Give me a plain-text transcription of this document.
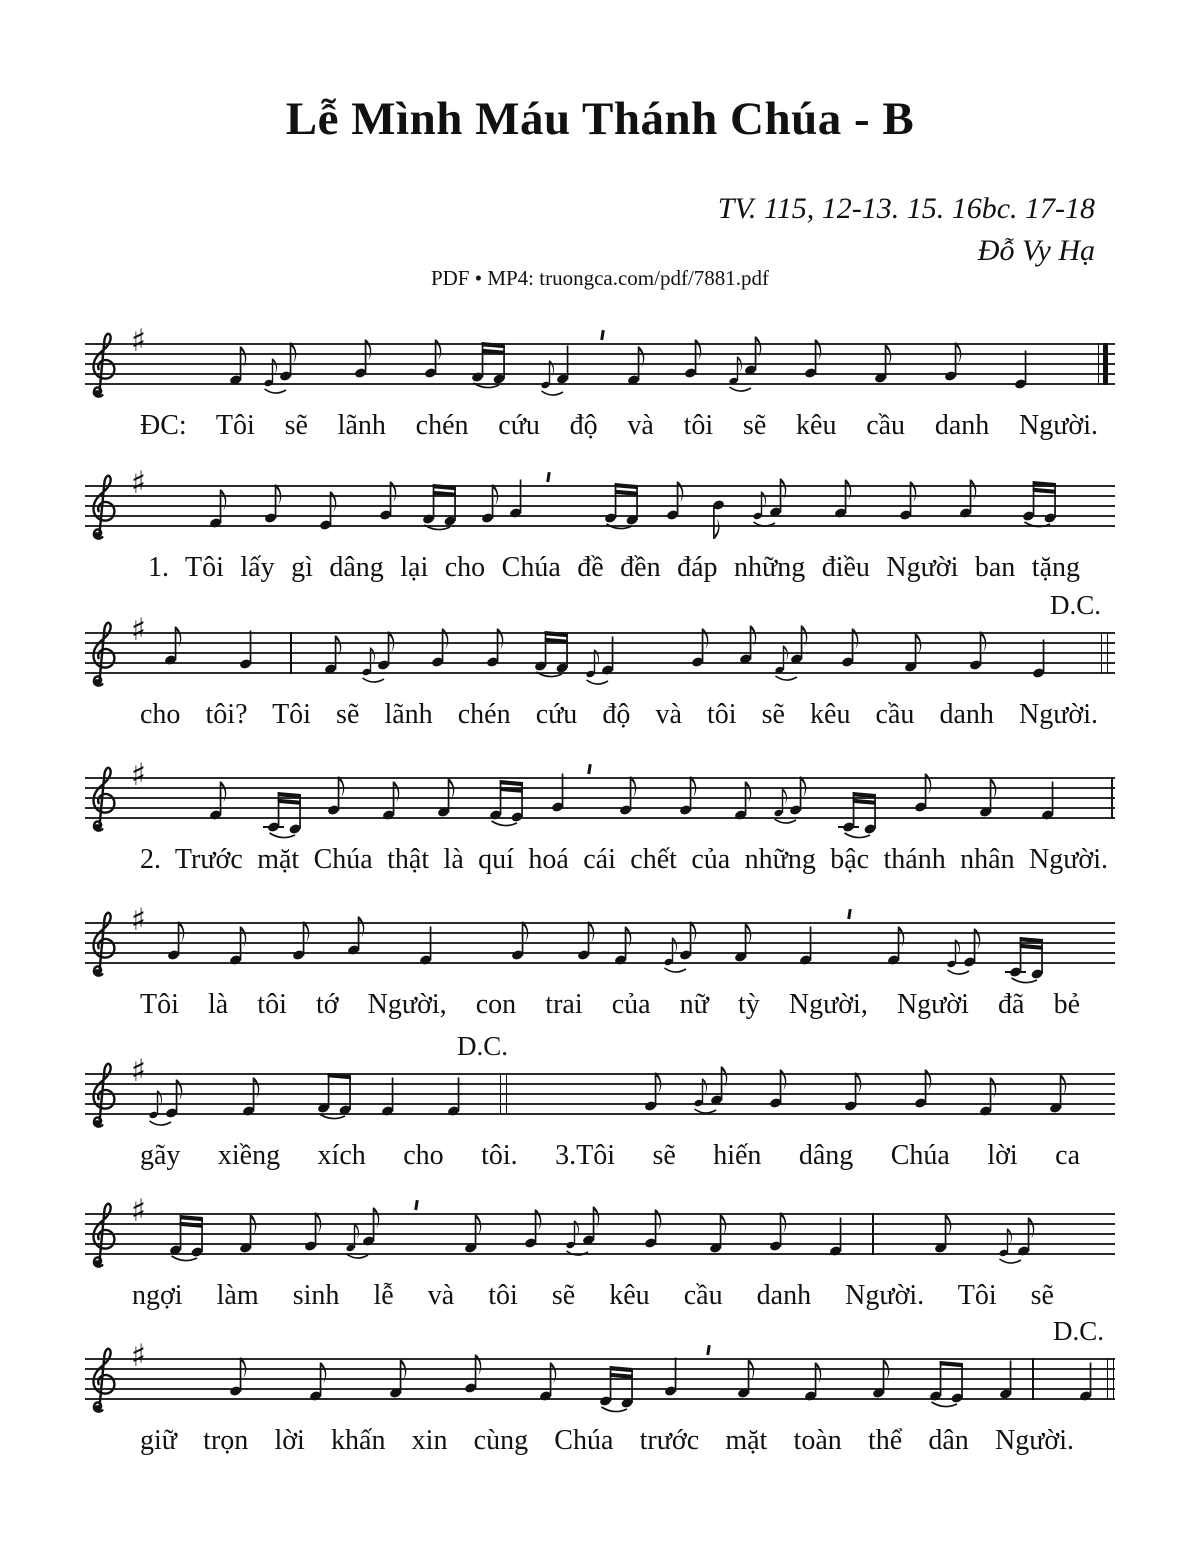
Lễ Mình Máu Thánh Chúa - B
TV. 115, 12-13. 15. 16bc. 17-18
Đỗ Vy Hạ
PDF • MP4: truongca.com/pdf/7881.pdf
♯
ĐC: Tôi sẽ lãnh chén cứu độ và tôi sẽ kêu cầu danh Người.
♯
1. Tôi lấy gì dâng lại cho Chúa đề đền đáp những điều Người ban tặng
♯
D.C.
cho tôi? Tôi sẽ lãnh chén cứu độ và tôi sẽ kêu cầu danh Người.
♯
2. Trước mặt Chúa thật là quí hoá cái chết của những bậc thánh nhân Người.
♯
Tôi là tôi tớ Người, con trai của nữ tỳ Người, Người đã bẻ
♯
D.C.
gãy xiềng xích cho tôi. 3.Tôi sẽ hiến dâng Chúa lời ca
♯
ngợi làm sinh lễ và tôi sẽ kêu cầu danh Người. Tôi sẽ
♯
D.C.
giữ trọn lời khấn xin cùng Chúa trước mặt toàn thể dân Người.
